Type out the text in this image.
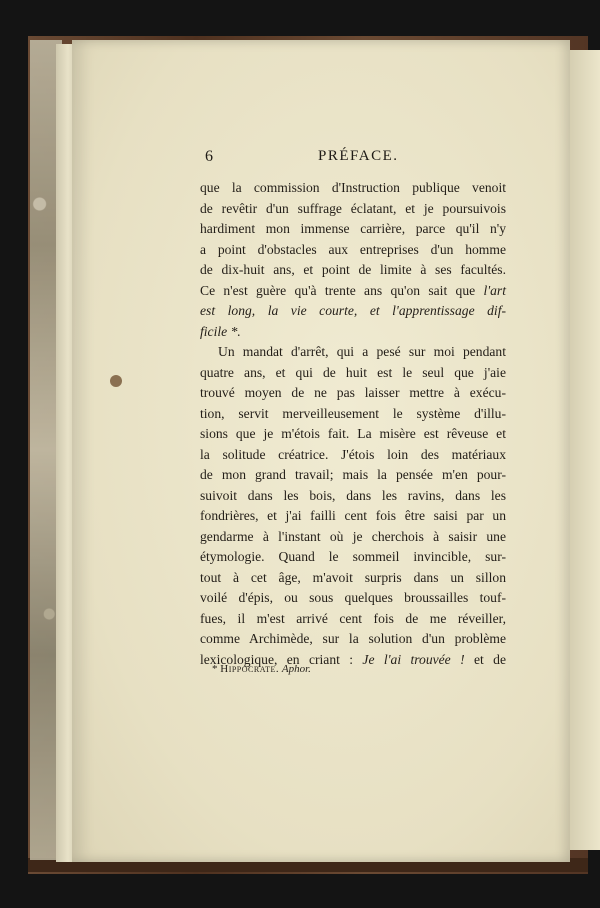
6	PRÉFACE.
que la commission d'Instruction publique venoit
de revêtir d'un suffrage éclatant, et je poursuivois
hardiment mon immense carrière, parce qu'il n'y
a point d'obstacles aux entreprises d'un homme
de dix-huit ans, et point de limite à ses facultés.
Ce n'est guère qu'à trente ans qu'on sait que l'art
est long, la vie courte, et l'apprentissage dif-
ficile *.
Un mandat d'arrêt, qui a pesé sur moi pendant
quatre ans, et qui de huit est le seul que j'aie
trouvé moyen de ne pas laisser mettre à exécu-
tion, servit merveilleusement le système d'illu-
sions que je m'étois fait. La misère est rêveuse et
la solitude créatrice. J'étois loin des matériaux
de mon grand travail; mais la pensée m'en pour-
suivoit dans les bois, dans les ravins, dans les
fondrières, et j'ai failli cent fois être saisi par un
gendarme à l'instant où je cherchois à saisir une
étymologie. Quand le sommeil invincible, sur-
tout à cet âge, m'avoit surpris dans un sillon
voilé d'épis, ou sous quelques broussailles touf-
fues, il m'est arrivé cent fois de me réveiller,
comme Archimède, sur la solution d'un problème
lexicologique, en criant : Je l'ai trouvée ! et de
* Hippocrate. Aphor.
